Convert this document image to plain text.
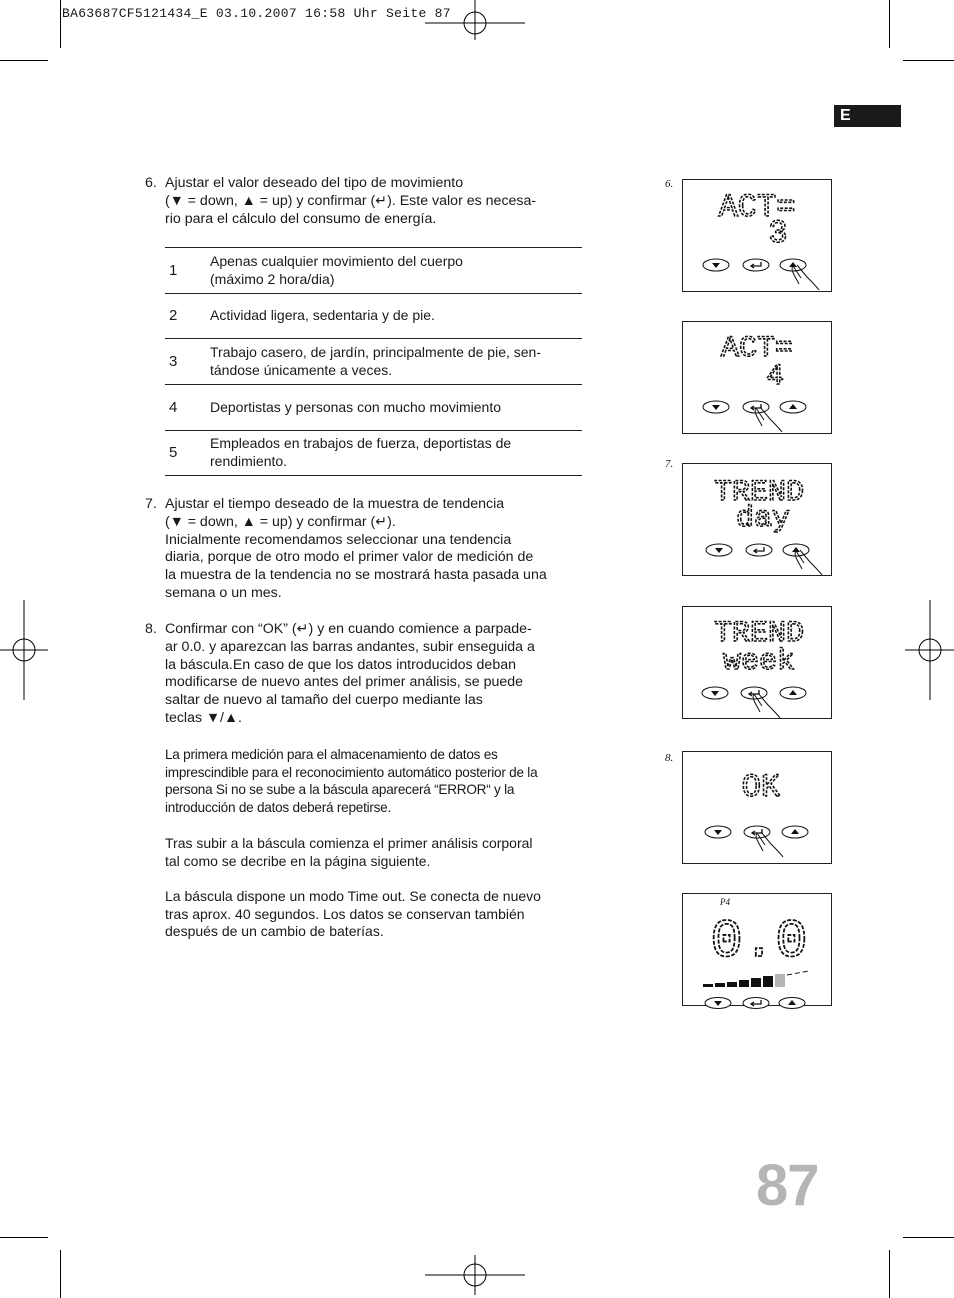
BA63687CF5121434_E 03.10.2007 16:58 Uhr Seite 87
E
6. Ajustar el valor deseado del tipo de movimiento
(▼ = down, ▲ = up) y confirmar (↵). Este valor es necesa-
rio para el cálculo del consumo de energía.
1	Apenas cualquier movimiento del cuerpo
(máximo 2 hora/dia)

2	Actividad ligera, sedentaria y de pie.

3	Trabajo casero, de jardín, principalmente de pie, sen-
tándose únicamente a veces.

4	Deportistas y personas con mucho movimiento

5	Empleados en trabajos de fuerza, deportistas de
rendimiento.
7. Ajustar el tiempo deseado de la muestra de tendencia
(▼ = down, ▲ = up) y confirmar (↵).
Inicialmente recomendamos seleccionar una tendencia
diaria, porque de otro modo el primer valor de medición de
la muestra de la tendencia no se mostrará hasta pasada una
semana o un mes.
8. Confirmar con “OK” (↵) y en cuando comience a parpade-
ar 0.0. y aparezcan las barras andantes, subir enseguida a
la báscula.En caso de que los datos introducidos deban
modificarse de nuevo antes del primer análisis, se puede
saltar de nuevo al tamaño del cuerpo mediante las
teclas ▼/▲.
La primera medición para el almacenamiento de datos es
imprescindible para el reconocimiento automático posterior de la
persona Si no se sube a la báscula aparecerá “ERROR“ y la
introducción de datos deberá repetirse.
Tras subir a la báscula comienza el primer análisis corporal
tal como se decribe en la página siguiente.
La báscula dispone un modo Time out. Se conecta de nuevo
tras aprox. 40 segundos. Los datos se conservan también
después de un cambio de baterías.
6.
7.
8.
ACT=
3
ACT=
4
TREND
day
TREND
week
OK
P4
0.0
87
